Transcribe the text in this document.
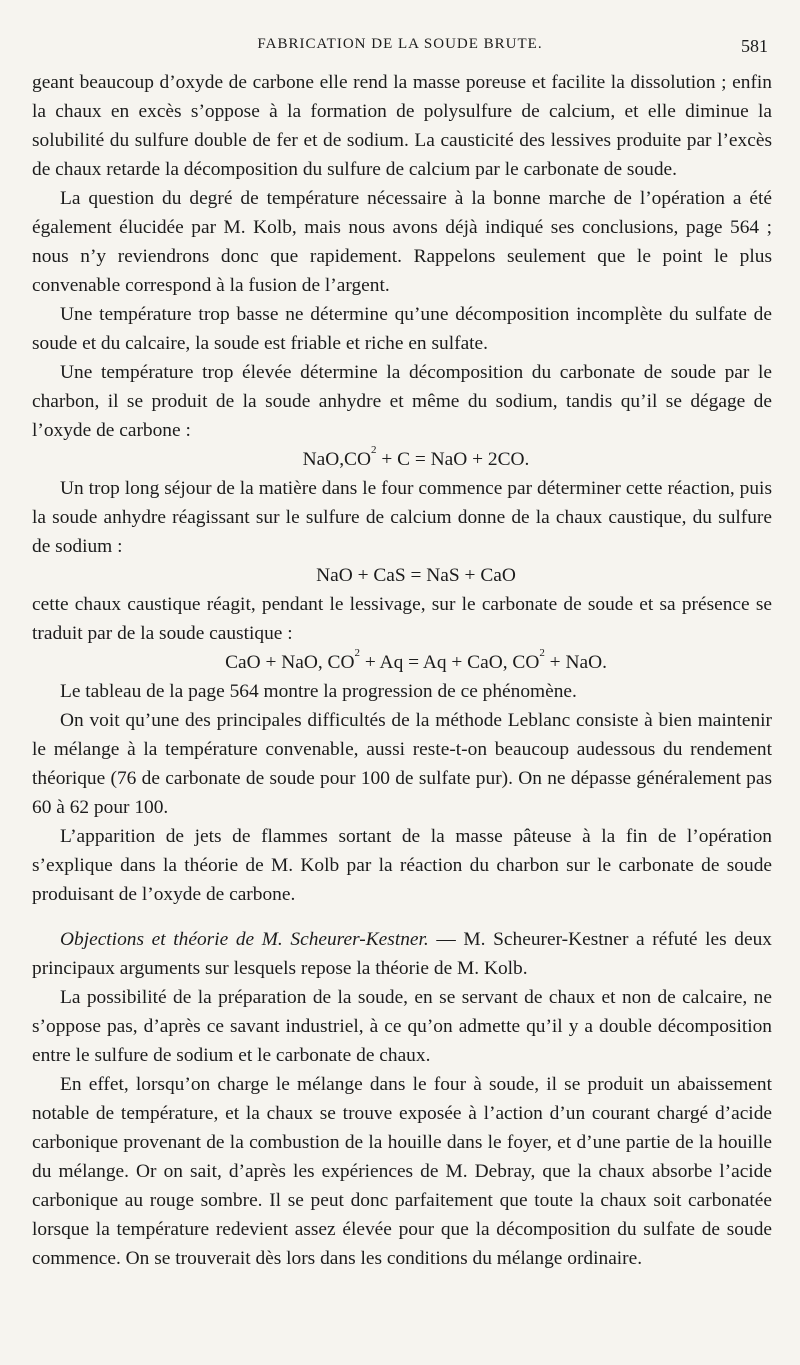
FABRICATION DE LA SOUDE BRUTE.	581

geant beaucoup d’oxyde de carbone elle rend la masse poreuse et facilite la dissolution ; enfin la chaux en excès s’oppose à la formation de polysulfure de calcium, et elle diminue la solubilité du sulfure double de fer et de sodium. La causticité des lessives produite par l’excès de chaux retarde la décomposition du sulfure de calcium par le carbonate de soude.

La question du degré de température nécessaire à la bonne marche de l’opération a été également élucidée par M. Kolb, mais nous avons déjà indiqué ses conclusions, page 564 ; nous n’y reviendrons donc que rapidement. Rappelons seulement que le point le plus convenable correspond à la fusion de l’argent.

Une température trop basse ne détermine qu’une décomposition incomplète du sulfate de soude et du calcaire, la soude est friable et riche en sulfate.

Une température trop élevée détermine la décomposition du carbonate de soude par le charbon, il se produit de la soude anhydre et même du sodium, tandis qu’il se dégage de l’oxyde de carbone :

$NaO,CO^2 + C$ = NaO + 2CO.

Un trop long séjour de la matière dans le four commence par déterminer cette réaction, puis la soude anhydre réagissant sur le sulfure de calcium donne de la chaux caustique, du sulfure de sodium :

NaO + CaS = NaS + CaO

cette chaux caustique réagit, pendant le lessivage, sur le carbonate de soude et sa présence se traduit par de la soude caustique :

CaO + NaO, $CO^2 + Aq = Aq$ + CaO, $CO^2$ + NaO.

Le tableau de la page 564 montre la progression de ce phénomène.

On voit qu’une des principales difficultés de la méthode Leblanc consiste à bien maintenir le mélange à la température convenable, aussi reste-t-on beaucoup audessous du rendement théorique (76 de carbonate de soude pour 100 de sulfate pur). On ne dépasse généralement pas 60 à 62 pour 100.

L’apparition de jets de flammes sortant de la masse pâteuse à la fin de l’opération s’explique dans la théorie de M. Kolb par la réaction du charbon sur le carbonate de soude produisant de l’oxyde de carbone.

Objections et théorie de M. Scheurer-Kestner. — M. Scheurer-Kestner a réfuté les deux principaux arguments sur lesquels repose la théorie de M. Kolb.

La possibilité de la préparation de la soude, en se servant de chaux et non de calcaire, ne s’oppose pas, d’après ce savant industriel, à ce qu’on admette qu’il y a double décomposition entre le sulfure de sodium et le carbonate de chaux.

En effet, lorsqu’on charge le mélange dans le four à soude, il se produit un abaissement notable de température, et la chaux se trouve exposée à l’action d’un courant chargé d’acide carbonique provenant de la combustion de la houille dans le foyer, et d’une partie de la houille du mélange. Or on sait, d’après les expériences de M. Debray, que la chaux absorbe l’acide carbonique au rouge sombre. Il se peut donc parfaitement que toute la chaux soit carbonatée lorsque la température redevient assez élevée pour que la décomposition du sulfate de soude commence. On se trouverait dès lors dans les conditions du mélange ordinaire.
